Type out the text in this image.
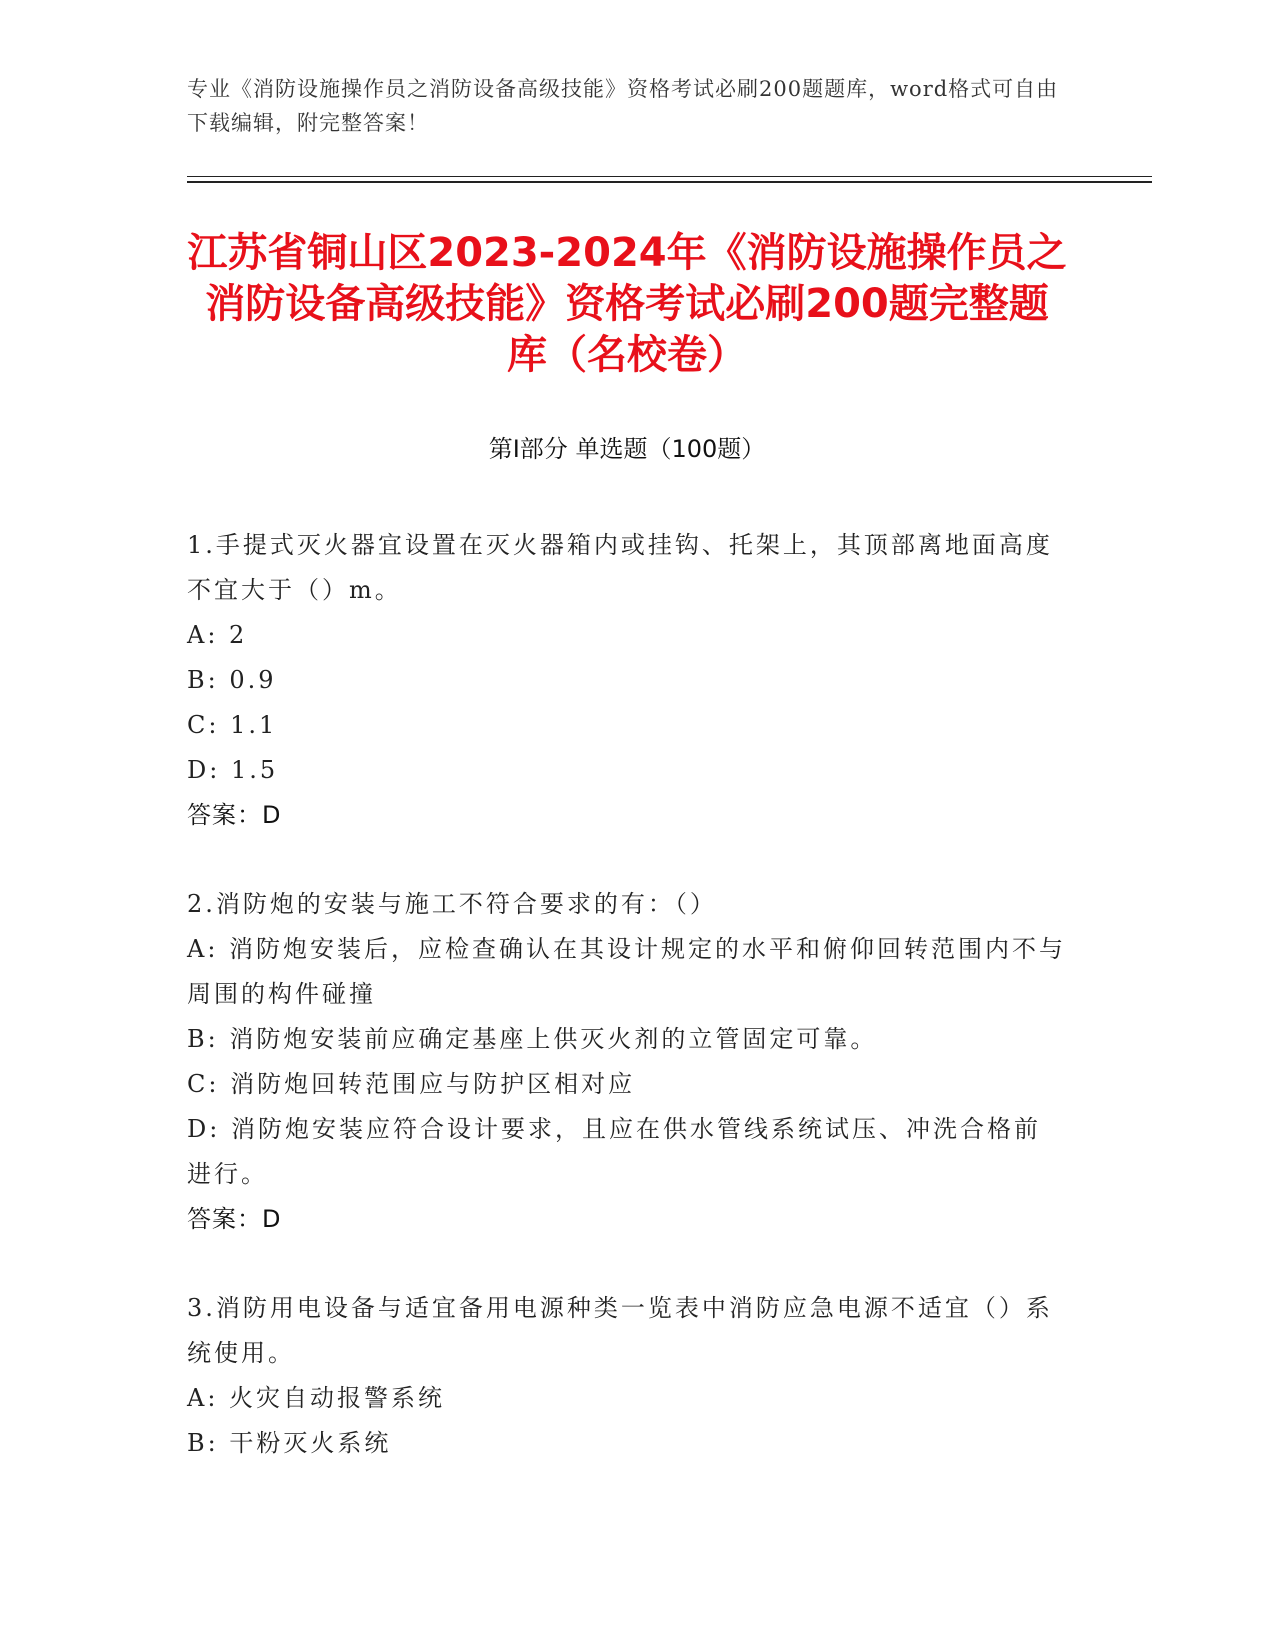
专业《消防设施操作员之消防设备高级技能》资格考试必刷200题题库，word格式可自由下载编辑，附完整答案！
江苏省铜山区2023-2024年《消防设施操作员之消防设备高级技能》资格考试必刷200题完整题库（名校卷）
第I部分 单选题（100题）
1.手提式灭火器宜设置在灭火器箱内或挂钩、托架上，其顶部离地面高度不宜大于（）m。
A: 2
B: 0.9
C: 1.1
D: 1.5
答案：D
2.消防炮的安装与施工不符合要求的有：（）
A: 消防炮安装后，应检查确认在其设计规定的水平和俯仰回转范围内不与周围的构件碰撞
B: 消防炮安装前应确定基座上供灭火剂的立管固定可靠。
C: 消防炮回转范围应与防护区相对应
D: 消防炮安装应符合设计要求，且应在供水管线系统试压、冲洗合格前进行。
答案：D
3.消防用电设备与适宜备用电源种类一览表中消防应急电源不适宜（）系统使用。
A: 火灾自动报警系统
B: 干粉灭火系统
